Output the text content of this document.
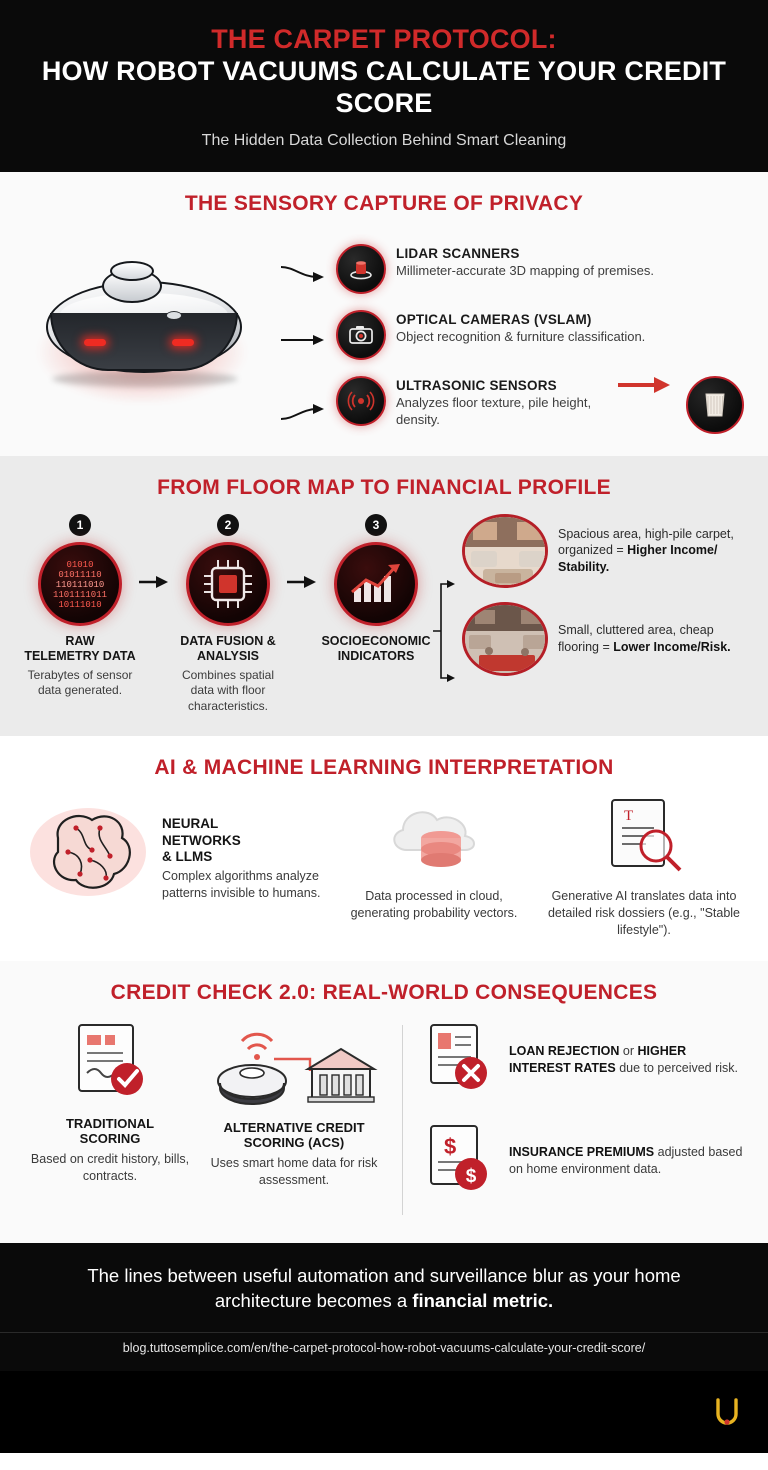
THE CARPET PROTOCOL:
HOW ROBOT VACUUMS CALCULATE YOUR CREDIT SCORE
The Hidden Data Collection Behind Smart Cleaning
THE SENSORY CAPTURE OF PRIVACY
LIDAR SCANNERS

Millimeter-accurate 3D mapping of premises.

OPTICAL CAMERAS (VSLAM)

Object recognition & furniture classification.

ULTRASONIC SENSORS

Analyzes floor texture, pile height, density.

FROM FLOOR MAP TO FINANCIAL PROFILE
1
01010
01011110
110111010
1101111011
10111010
RAW
TELEMETRY DATA
Terabytes of sensor data generated.
2
DATA FUSION &
ANALYSIS
Combines spatial data with floor characteristics.
3
SOCIOECONOMIC
INDICATORS
Spacious area, high-pile carpet, organized = Higher Income/ Stability.
Small, cluttered area, cheap flooring = Lower Income/Risk.
AI & MACHINE LEARNING INTERPRETATION
NEURAL
NETWORKS
& LLMS
Complex algorithms analyze patterns invisible to humans.	Data processed in cloud, generating probability vectors.
T
Generative AI translates data into detailed risk dossiers (e.g., "Stable lifestyle").
CREDIT CHECK 2.0: REAL-WORLD CONSEQUENCES
TRADITIONAL
SCORING
Based on credit history, bills, contracts.
ALTERNATIVE CREDIT
SCORING (ACS)
Uses smart home data for risk assessment.

LOAN REJECTION or HIGHER INTEREST RATES due to perceived risk.

$
$

INSURANCE PREMIUMS adjusted based on home environment data.

The lines between useful automation and surveillance blur as your home architecture becomes a financial metric.
blog.tuttosemplice.com/en/the-carpet-protocol-how-robot-vacuums-calculate-your-credit-score/
